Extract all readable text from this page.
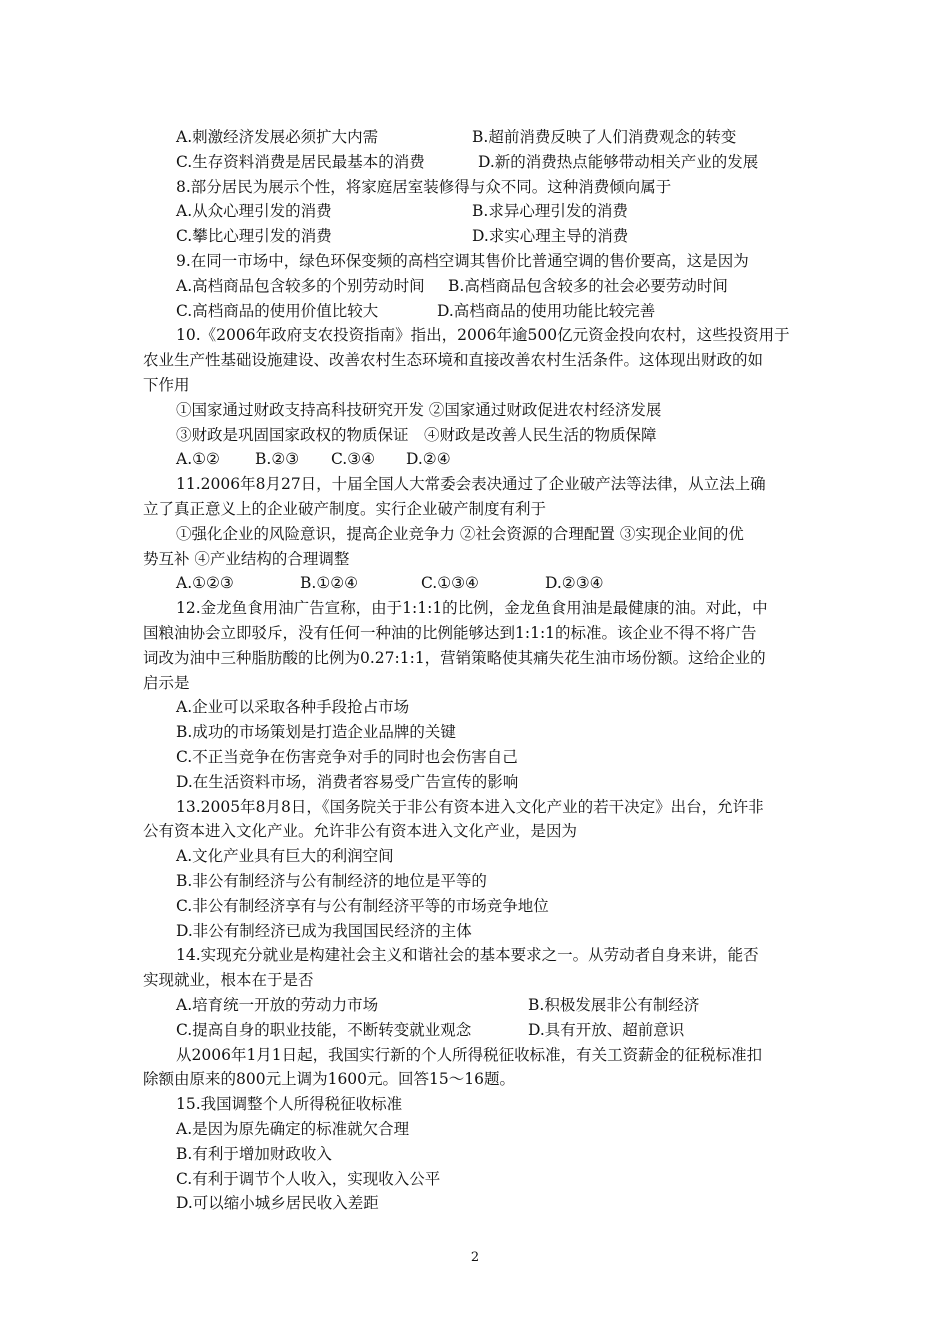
A.刺激经济发展必须扩大内需	B.超前消费反映了人们消费观念的转变
C.生存资料消费是居民最基本的消费	D.新的消费热点能够带动相关产业的发展
8.部分居民为展示个性，将家庭居室装修得与众不同。这种消费倾向属于
A.从众心理引发的消费	B.求异心理引发的消费
C.攀比心理引发的消费	D.求实心理主导的消费
9.在同一市场中，绿色环保变频的高档空调其售价比普通空调的售价要高，这是因为
A.高档商品包含较多的个别劳动时间 B.高档商品包含较多的社会必要劳动时间
C.高档商品的使用价值比较大	D.高档商品的使用功能比较完善
10.《2006年政府支农投资指南》指出，2006年逾500亿元资金投向农村，这些投资用于
农业生产性基础设施建设、改善农村生态环境和直接改善农村生活条件。这体现出财政的如
下作用
①国家通过财政支持高科技研究开发 ②国家通过财政促进农村经济发展
③财政是巩固国家政权的物质保证　④财政是改善人民生活的物质保障
A.①② B.②③ C.③④ D.②④
11.2006年8月27日，十届全国人大常委会表决通过了企业破产法等法律，从立法上确
立了真正意义上的企业破产制度。实行企业破产制度有利于
①强化企业的风险意识，提高企业竞争力 ②社会资源的合理配置 ③实现企业间的优
势互补 ④产业结构的合理调整
A.①②③	B.①②④	C.①③④	D.②③④
12.金龙鱼食用油广告宣称，由于1:1:1的比例，金龙鱼食用油是最健康的油。对此，中
国粮油协会立即驳斥，没有任何一种油的比例能够达到1:1:1的标准。该企业不得不将广告
词改为油中三种脂肪酸的比例为0.27:1:1，营销策略使其痛失花生油市场份额。这给企业的
启示是
A.企业可以采取各种手段抢占市场
B.成功的市场策划是打造企业品牌的关键
C.不正当竞争在伤害竞争对手的同时也会伤害自己
D.在生活资料市场，消费者容易受广告宣传的影响
13.2005年8月8日，《国务院关于非公有资本进入文化产业的若干决定》出台，允许非
公有资本进入文化产业。允许非公有资本进入文化产业，是因为
A.文化产业具有巨大的利润空间
B.非公有制经济与公有制经济的地位是平等的
C.非公有制经济享有与公有制经济平等的市场竞争地位
D.非公有制经济已成为我国国民经济的主体
14.实现充分就业是构建社会主义和谐社会的基本要求之一。从劳动者自身来讲，能否
实现就业，根本在于是否
A.培育统一开放的劳动力市场	B.积极发展非公有制经济
C.提高自身的职业技能，不断转变就业观念	D.具有开放、超前意识
从2006年1月1日起，我国实行新的个人所得税征收标准，有关工资薪金的征税标准扣
除额由原来的800元上调为1600元。回答15～16题。
15.我国调整个人所得税征收标准
A.是因为原先确定的标准就欠合理
B.有利于增加财政收入
C.有利于调节个人收入，实现收入公平
D.可以缩小城乡居民收入差距
2
